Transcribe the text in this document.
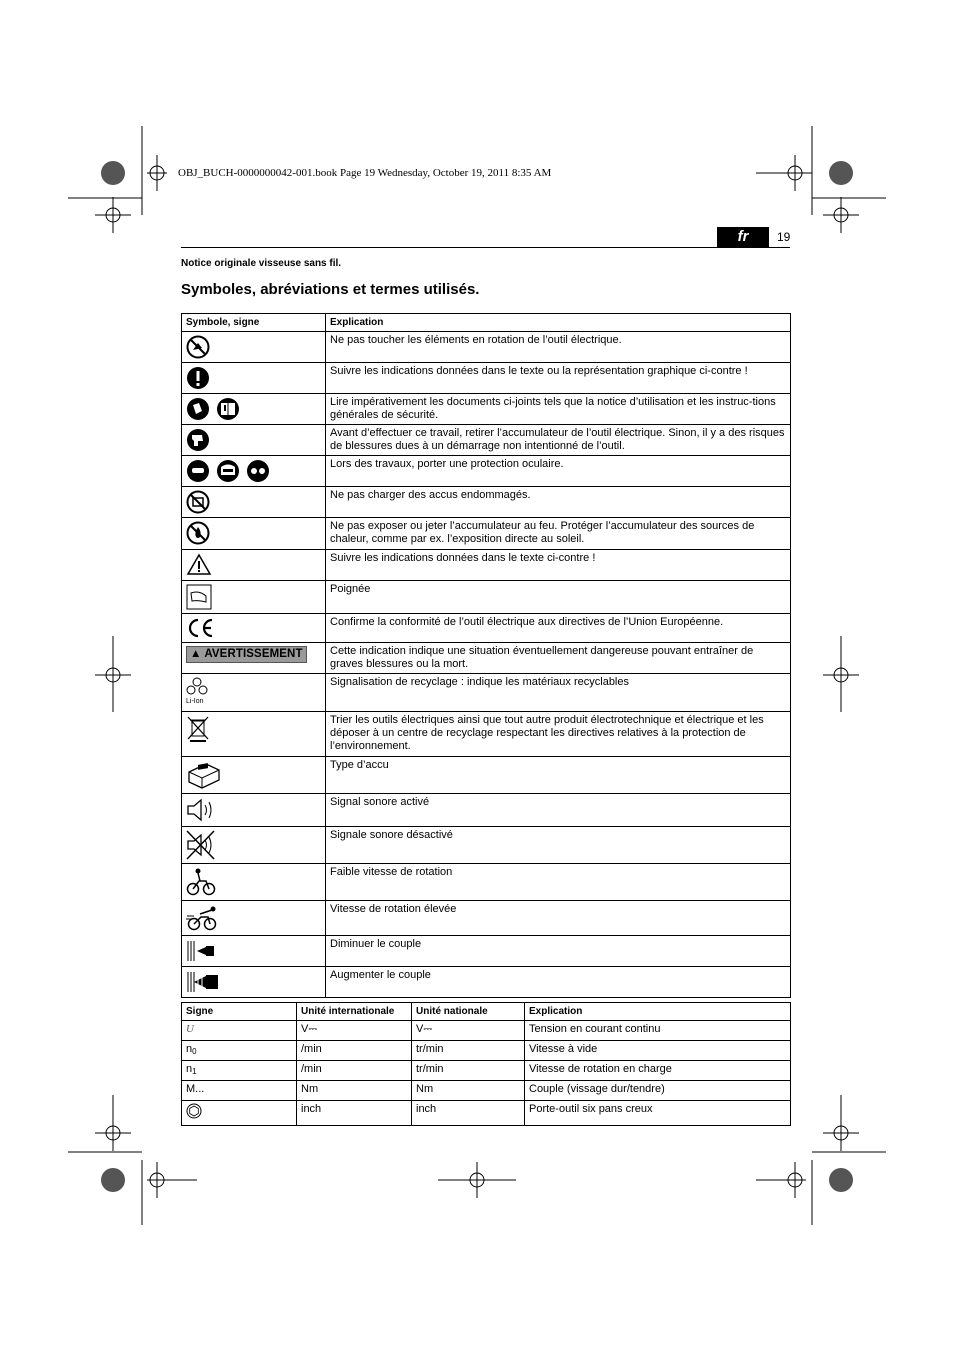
OBJ_BUCH-0000000042-001.book Page 19 Wednesday, October 19, 2011 8:35 AM
fr	19
Notice originale visseuse sans fil.
Symboles, abréviations et termes utilisés.
Symbole, signe	Explication
	Ne pas toucher les éléments en rotation de l’outil électrique.
	Suivre les indications données dans le texte ou la représentation graphique ci-contre !
	Lire impérativement les documents ci-joints tels que la notice d’utilisation et les instruc-tions générales de sécurité.
	Avant d’effectuer ce travail, retirer l’accumulateur de l’outil électrique. Sinon, il y a des risques de blessures dues à un démarrage non intentionné de l’outil.
	Lors des travaux, porter une protection oculaire.
	Ne pas charger des accus endommagés.
	Ne pas exposer ou jeter l’accumulateur au feu. Protéger l’accumulateur des sources de chaleur, comme par ex. l’exposition directe au soleil.
	Suivre les indications données dans le texte ci-contre !
	Poignée
	Confirme la conformité de l’outil électrique aux directives de l’Union Européenne.
▲ AVERTISSEMENT	Cette indication indique une situation éventuellement dangereuse pouvant entraîner de graves blessures ou la mort.

Li-Ion	Signalisation de recyclage : indique les matériaux recyclables
	Trier les outils électriques ainsi que tout autre produit électrotechnique et électrique et les déposer à un centre de recyclage respectant les directives relatives à la protection de l’environnement.
	Type d’accu
	Signal sonore activé
	Signale sonore désactivé
	Faible vitesse de rotation
	Vitesse de rotation élevée
	Diminuer le couple
	Augmenter le couple
Signe	Unité internationale	Unité nationale	Explication
U	V⎓	V⎓	Tension en courant continu
$n_0$	/min	tr/min	Vitesse à vide
$n_1$	/min	tr/min	Vitesse de rotation en charge
M...	Nm	Nm	Couple (vissage dur/tendre)
	inch	inch	Porte-outil six pans creux
